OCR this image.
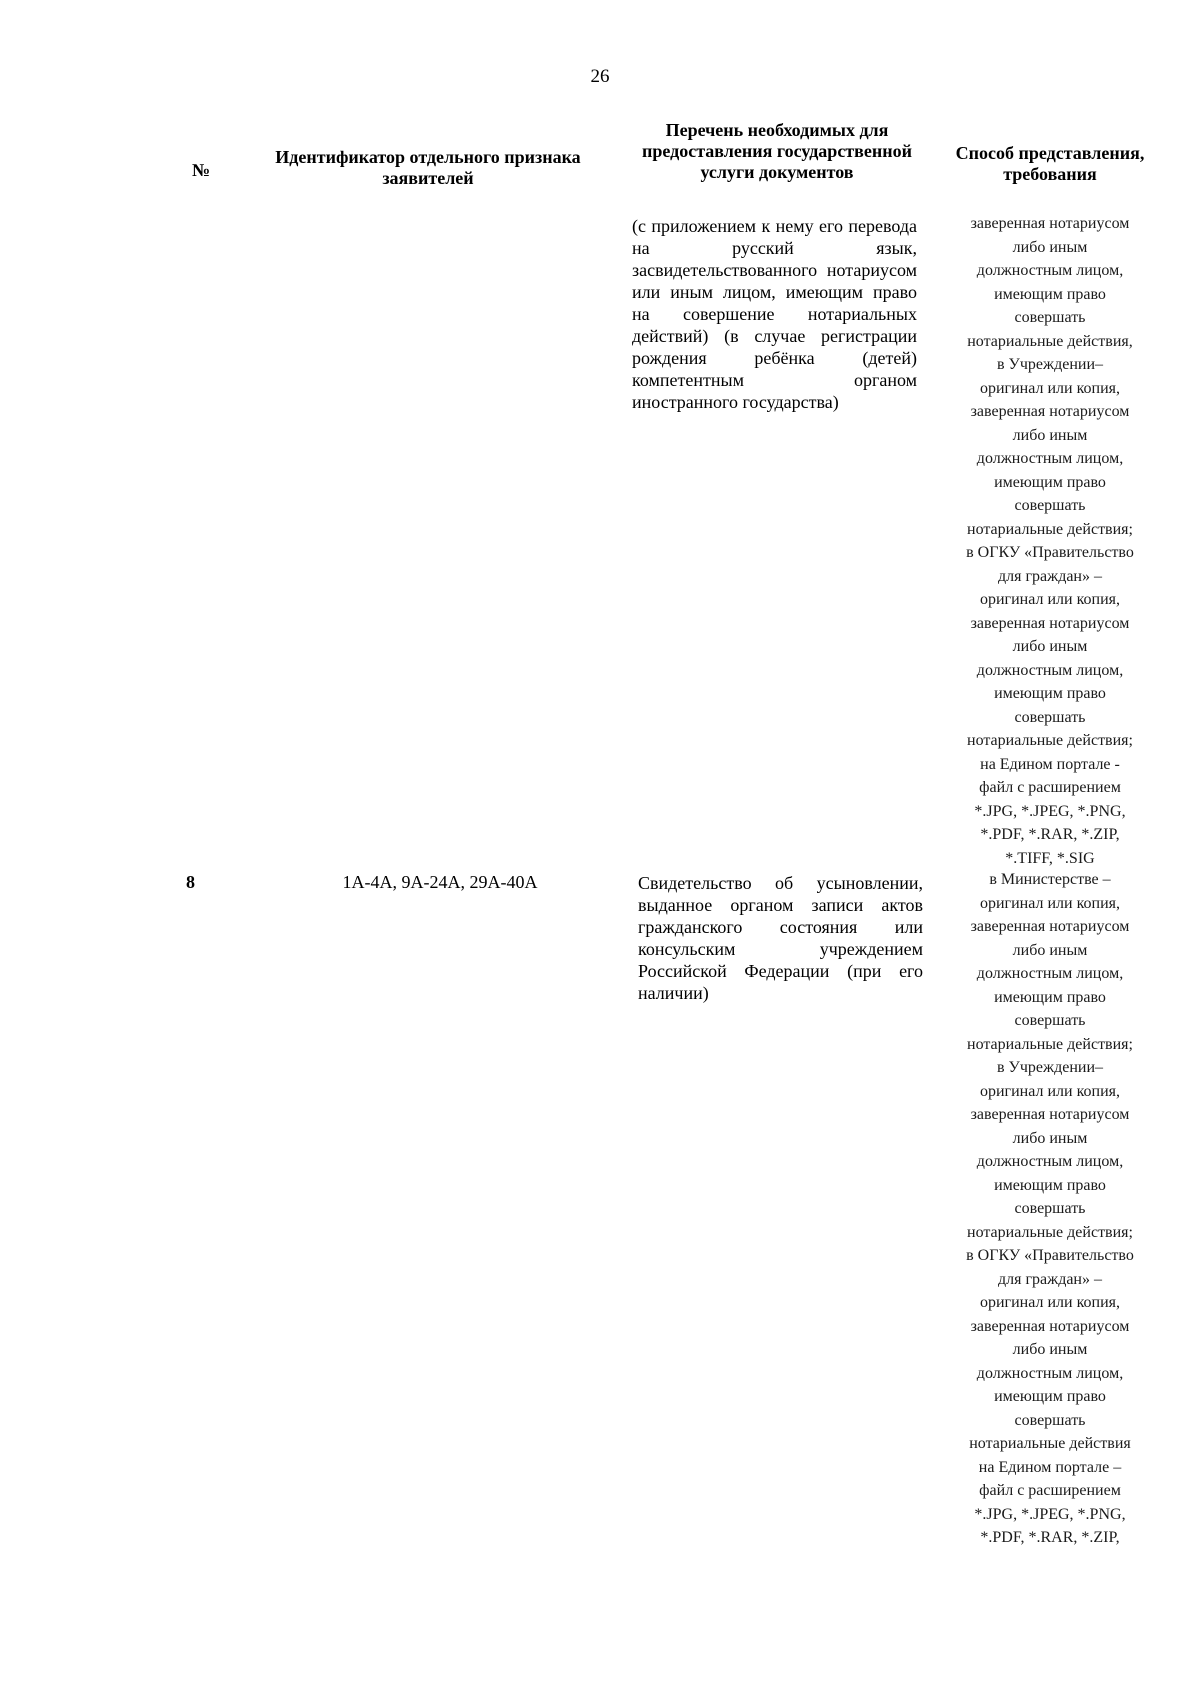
26
№
Идентификатор отдельного признака заявителей
Перечень необходимых для предоставления государственной услуги документов
Способ представления, требования

(с приложением к нему его перевода на русский язык, засвидетельствованного нотариусом или иным лицом, имеющим право на совершение нотариальных действий) (в случае регистрации рождения ребёнка (детей) компетентным органом иностранного государства)

заверенная нотариусом
либо иным
должностным лицом,
имеющим право
совершать
нотариальные действия,
в Учреждении–
оригинал или копия,
заверенная нотариусом
либо иным
должностным лицом,
имеющим право
совершать
нотариальные действия;
в ОГКУ «Правительство
для граждан» –
оригинал или копия,
заверенная нотариусом
либо иным
должностным лицом,
имеющим право
совершать
нотариальные действия;
на Едином портале -
файл с расширением
*.JPG, *.JPEG, *.PNG,
*.PDF, *.RAR, *.ZIP,
*.TIFF, *.SIG
8	1А-4А, 9А-24А, 29А-40А	Свидетельство об усыновлении, выданное органом записи актов гражданского состояния или консульским учреждением Российской Федерации (при его наличии)

в Министерстве –
оригинал или копия,
заверенная нотариусом
либо иным
должностным лицом,
имеющим право
совершать
нотариальные действия;
в Учреждении–
оригинал или копия,
заверенная нотариусом
либо иным
должностным лицом,
имеющим право
совершать
нотариальные действия;
в ОГКУ «Правительство
для граждан» –
оригинал или копия,
заверенная нотариусом
либо иным
должностным лицом,
имеющим право
совершать
нотариальные действия
на Едином портале –
файл с расширением
*.JPG, *.JPEG, *.PNG,
*.PDF, *.RAR, *.ZIP,
